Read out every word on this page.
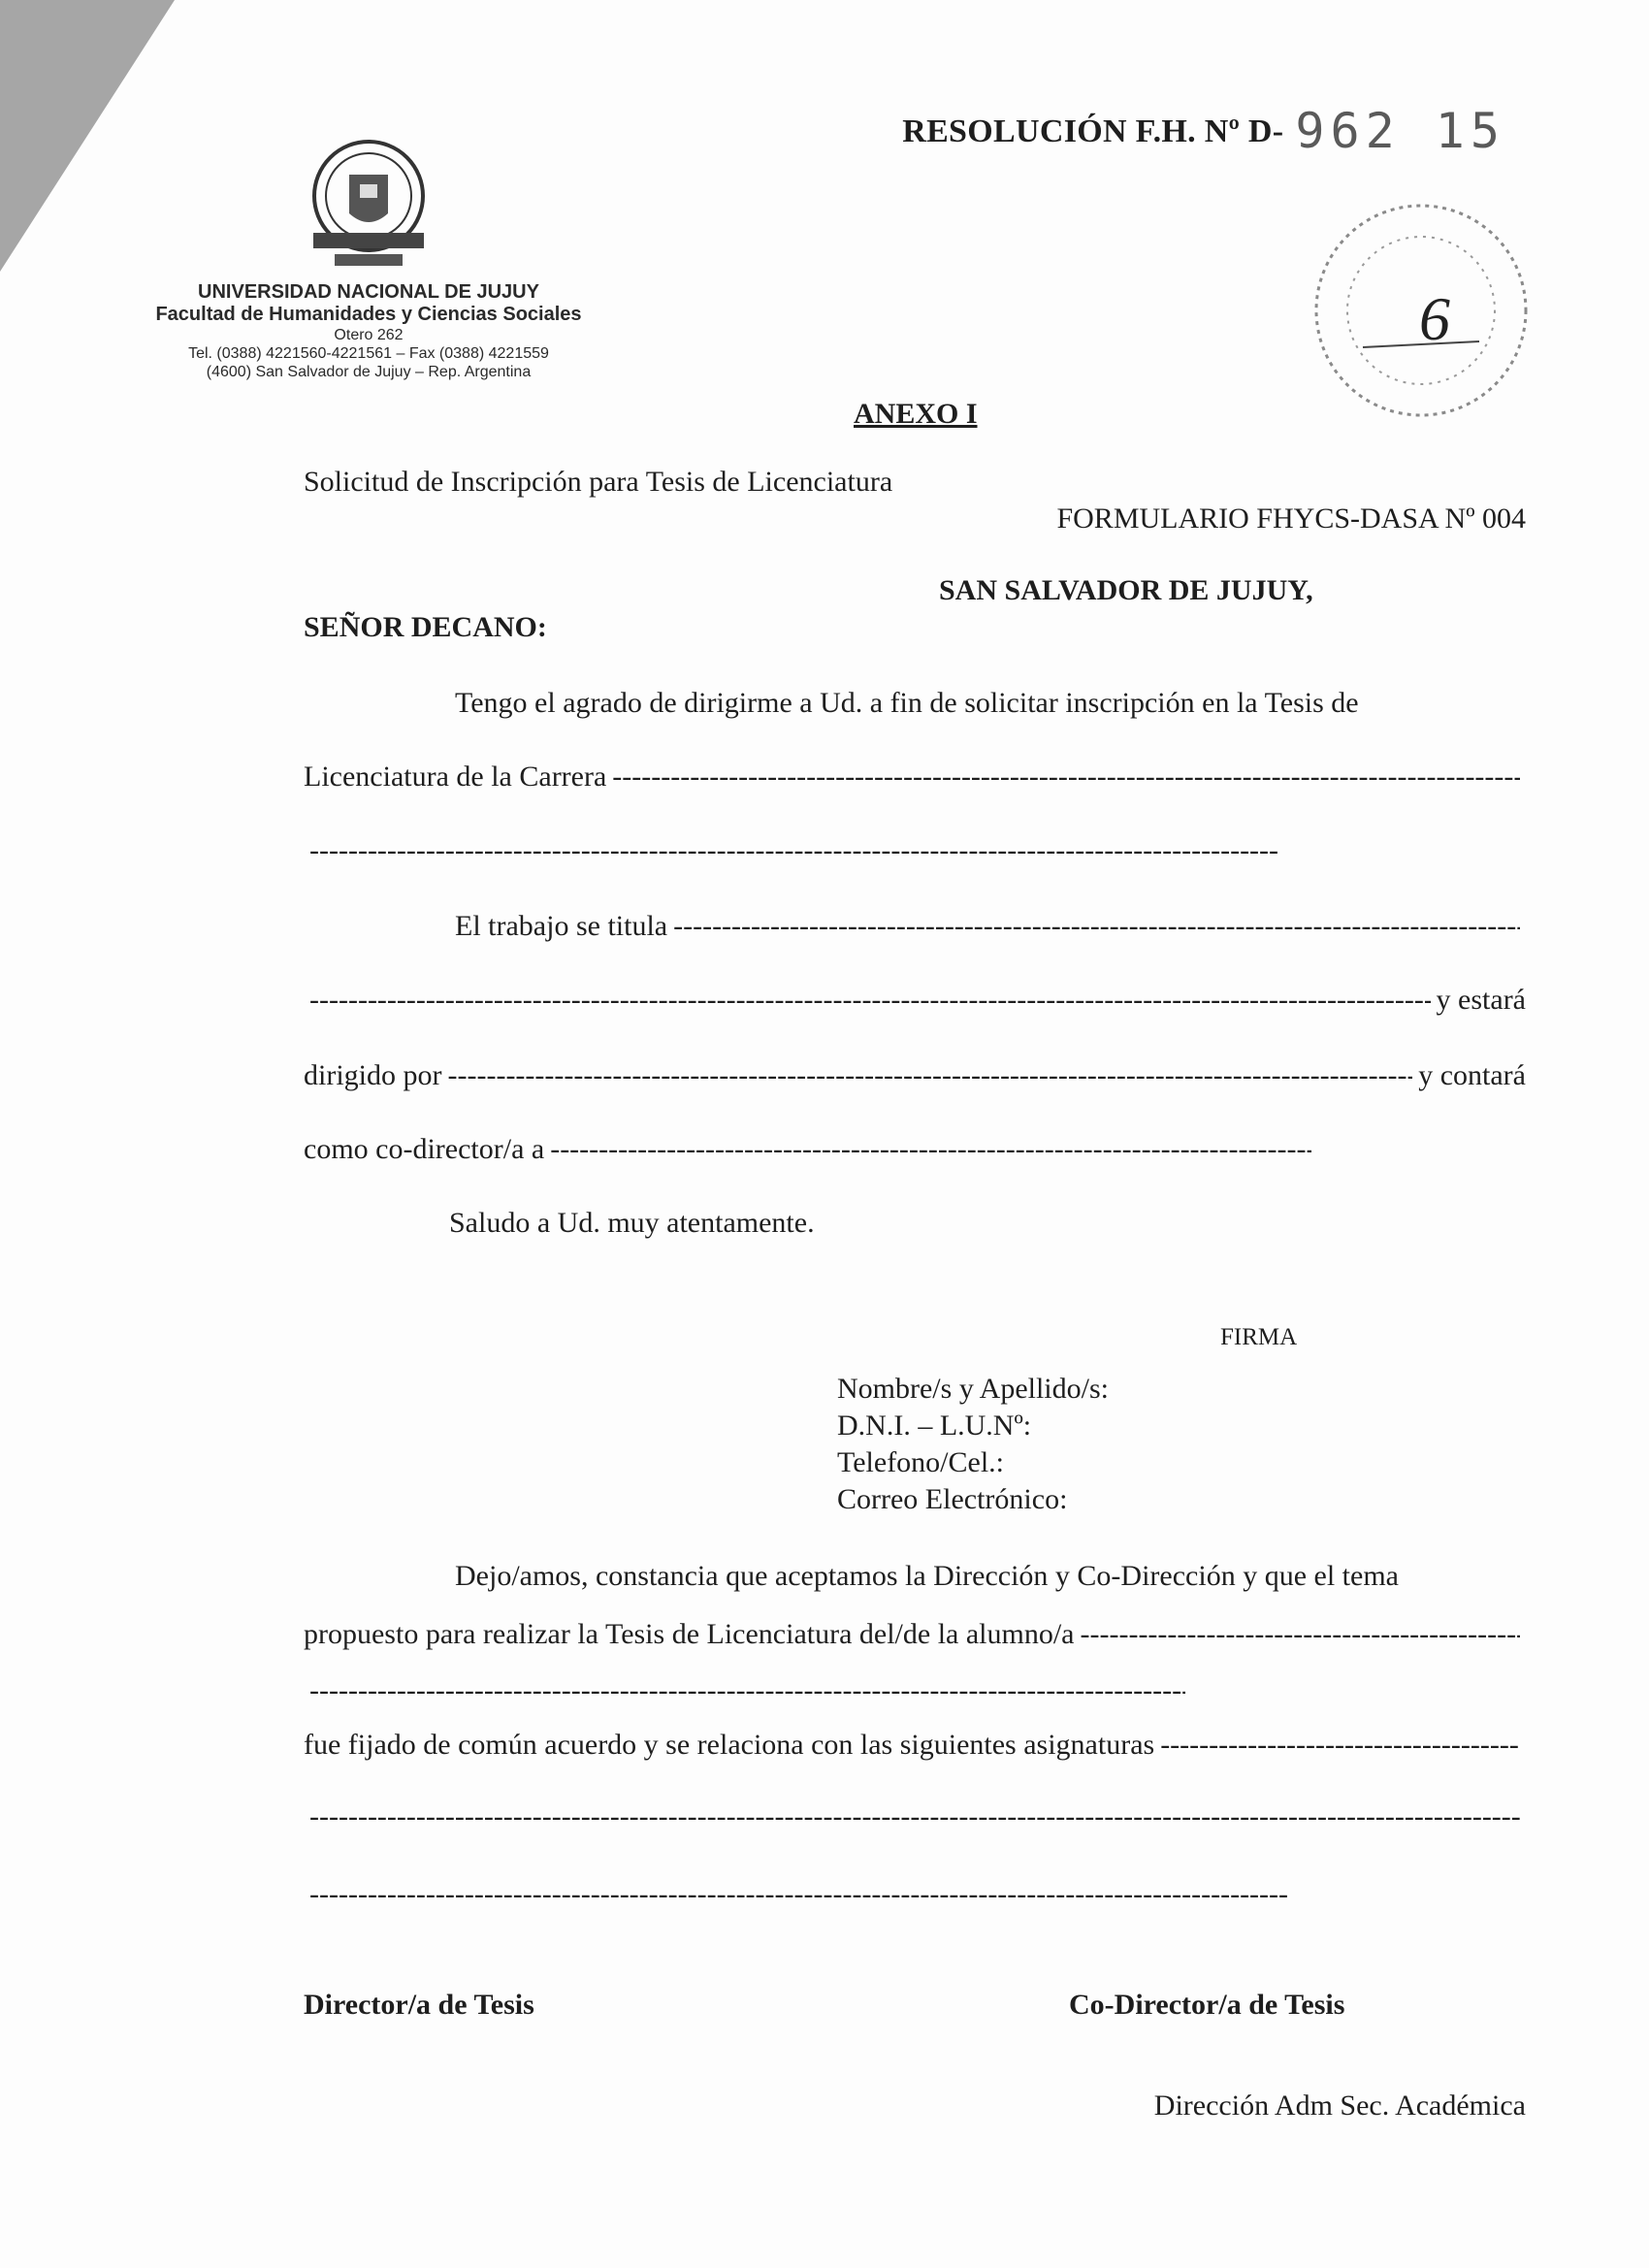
RESOLUCIÓN F.H. Nº D- 962 15
UNIVERSIDAD NACIONAL DE JUJUY
Facultad de Humanidades y Ciencias Sociales
Otero 262
Tel. (0388) 4221560-4221561 – Fax (0388) 4221559
(4600) San Salvador de Jujuy – Rep. Argentina
6
ANEXO I
Solicitud de Inscripción para Tesis de Licenciatura
FORMULARIO FHYCS-DASA Nº 004
SAN SALVADOR DE JUJUY,
SEÑOR DECANO:
Tengo el agrado de dirigirme a Ud. a fin de solicitar inscripción en la Tesis de
Licenciatura de la Carrera
-----
-----
El trabajo se titula
-----
-----
y estará
dirigido por
-----	y contará
como co-director/a a
-----
Saludo a Ud. muy atentamente.
FIRMA
Nombre/s y Apellido/s:
D.N.I. – L.U.Nº:
Telefono/Cel.:
Correo Electrónico:
Dejo/amos, constancia que aceptamos la Dirección y Co-Dirección y que el tema
propuesto para realizar la Tesis de Licenciatura del/de la alumno/a
-----
-----
fue fijado de común acuerdo y se relaciona con las siguientes asignaturas
-----
-----
-----
Director/a de Tesis	Co-Director/a de Tesis
Dirección Adm Sec. Académica
